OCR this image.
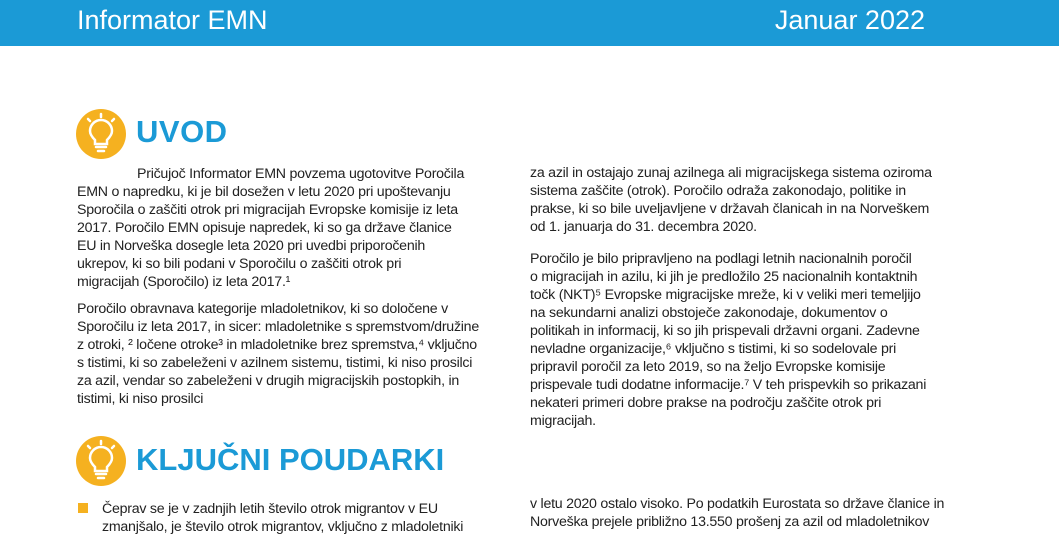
Informator EMN	Januar 2022
UVOD
Pričujoč Informator EMN povzema ugotovitve Poročila
EMN o napredku, ki je bil dosežen v letu 2020 pri upoštevanju
Sporočila o zaščiti otrok pri migracijah Evropske komisije iz leta
2017. Poročilo EMN opisuje napredek, ki so ga države članice
EU in Norveška dosegle leta 2020 pri uvedbi priporočenih
ukrepov, ki so bili podani v Sporočilu o zaščiti otrok pri
migracijah (Sporočilo) iz leta 2017.¹
Poročilo obravnava kategorije mladoletnikov, ki so določene v
Sporočilu iz leta 2017, in sicer: mladoletnike s spremstvom/družine
z otroki, ² ločene otroke³ in mladoletnike brez spremstva,⁴ vključno
s tistimi, ki so zabeleženi v azilnem sistemu, tistimi, ki niso prosilci
za azil, vendar so zabeleženi v drugih migracijskih postopkih, in
tistimi, ki niso prosilci
za azil in ostajajo zunaj azilnega ali migracijskega sistema oziroma
sistema zaščite (otrok). Poročilo odraža zakonodajo, politike in
prakse, ki so bile uveljavljene v državah članicah in na Norveškem
od 1. januarja do 31. decembra 2020.
Poročilo je bilo pripravljeno na podlagi letnih nacionalnih poročil
o migracijah in azilu, ki jih je predložilo 25 nacionalnih kontaktnih
točk (NKT)⁵ Evropske migracijske mreže, ki v veliki meri temeljijo
na sekundarni analizi obstoječe zakonodaje, dokumentov o
politikah in informacij, ki so jih prispevali državni organi. Zadevne
nevladne organizacije,⁶ vključno s tistimi, ki so sodelovale pri
pripravil poročil za leto 2019, so na željo Evropske komisije
prispevale tudi dodatne informacije.⁷ V teh prispevkih so prikazani
nekateri primeri dobre prakse na področju zaščite otrok pri
migracijah.
KLJUČNI POUDARKI
Čeprav se je v zadnjih letih število otrok migrantov v EU
zmanjšalo, je število otrok migrantov, vključno z mladoletniki
v letu 2020 ostalo visoko. Po podatkih Eurostata so države članice in
Norveška prejele približno 13.550 prošenj za azil od mladoletnikov
